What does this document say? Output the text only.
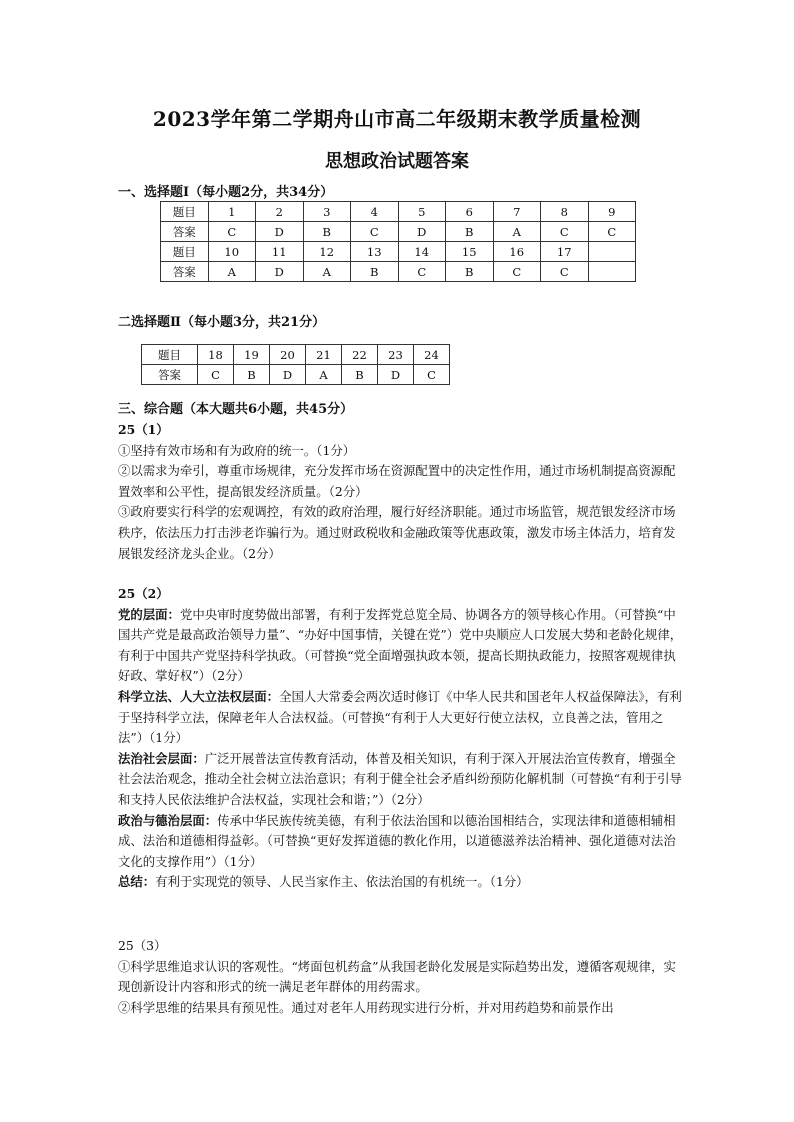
2023学年第二学期舟山市高二年级期末教学质量检测
思想政治试题答案
一、选择题Ⅰ（每小题2分，共34分）
题目	1	2	3	4	5	6	7	8	9
答案	C	D	B	C	D	B	A	C	C
题目	10	11	12	13	14	15	16	17	
答案	A	D	A	B	C	B	C	C	
二选择题Ⅱ（每小题3分，共21分）
题目	18	19	20	21	22	23	24
答案	C	B	D	A	B	D	C
三、综合题（本大题共6小题，共45分）

25（1）

①坚持有效市场和有为政府的统一。（1分）

②以需求为牵引，尊重市场规律，充分发挥市场在资源配置中的决定性作用，通过市场机制提高资源配置效率和公平性，提高银发经济质量。（2分）

③政府要实行科学的宏观调控，有效的政府治理，履行好经济职能。通过市场监管，规范银发经济市场秩序，依法压力打击涉老诈骗行为。通过财政税收和金融政策等优惠政策，激发市场主体活力，培育发展银发经济龙头企业。（2分）

25（2）

党的层面：党中央审时度势做出部署，有利于发挥党总览全局、协调各方的领导核心作用。（可替换“中国共产党是最高政治领导力量”、“办好中国事情，关键在党”）党中央顺应人口发展大势和老龄化规律，有利于中国共产党坚持科学执政。（可替换“党全面增强执政本领，提高长期执政能力，按照客观规律执好政、掌好权”）（2分）

科学立法、人大立法权层面：全国人大常委会两次适时修订《中华人民共和国老年人权益保障法》，有利于坚持科学立法，保障老年人合法权益。（可替换“有利于人大更好行使立法权，立良善之法，管用之法”）（1分）

法治社会层面：广泛开展普法宣传教育活动，体普及相关知识，有利于深入开展法治宣传教育，增强全社会法治观念，推动全社会树立法治意识；有利于健全社会矛盾纠纷预防化解机制（可替换“有利于引导和支持人民依法维护合法权益，实现社会和谐；”）（2分）

政治与德治层面：传承中华民族传统美德，有利于依法治国和以德治国相结合，实现法律和道德相辅相成、法治和道德相得益彰。（可替换“更好发挥道德的教化作用，以道德滋养法治精神、强化道德对法治文化的支撑作用”）（1分）

总结：有利于实现党的领导、人民当家作主、依法治国的有机统一。（1分）

25（3）

①科学思维追求认识的客观性。“烤面包机药盒”从我国老龄化发展是实际趋势出发，遵循客观规律，实现创新设计内容和形式的统一满足老年群体的用药需求。

②科学思维的结果具有预见性。通过对老年人用药现实进行分析，并对用药趋势和前景作出
